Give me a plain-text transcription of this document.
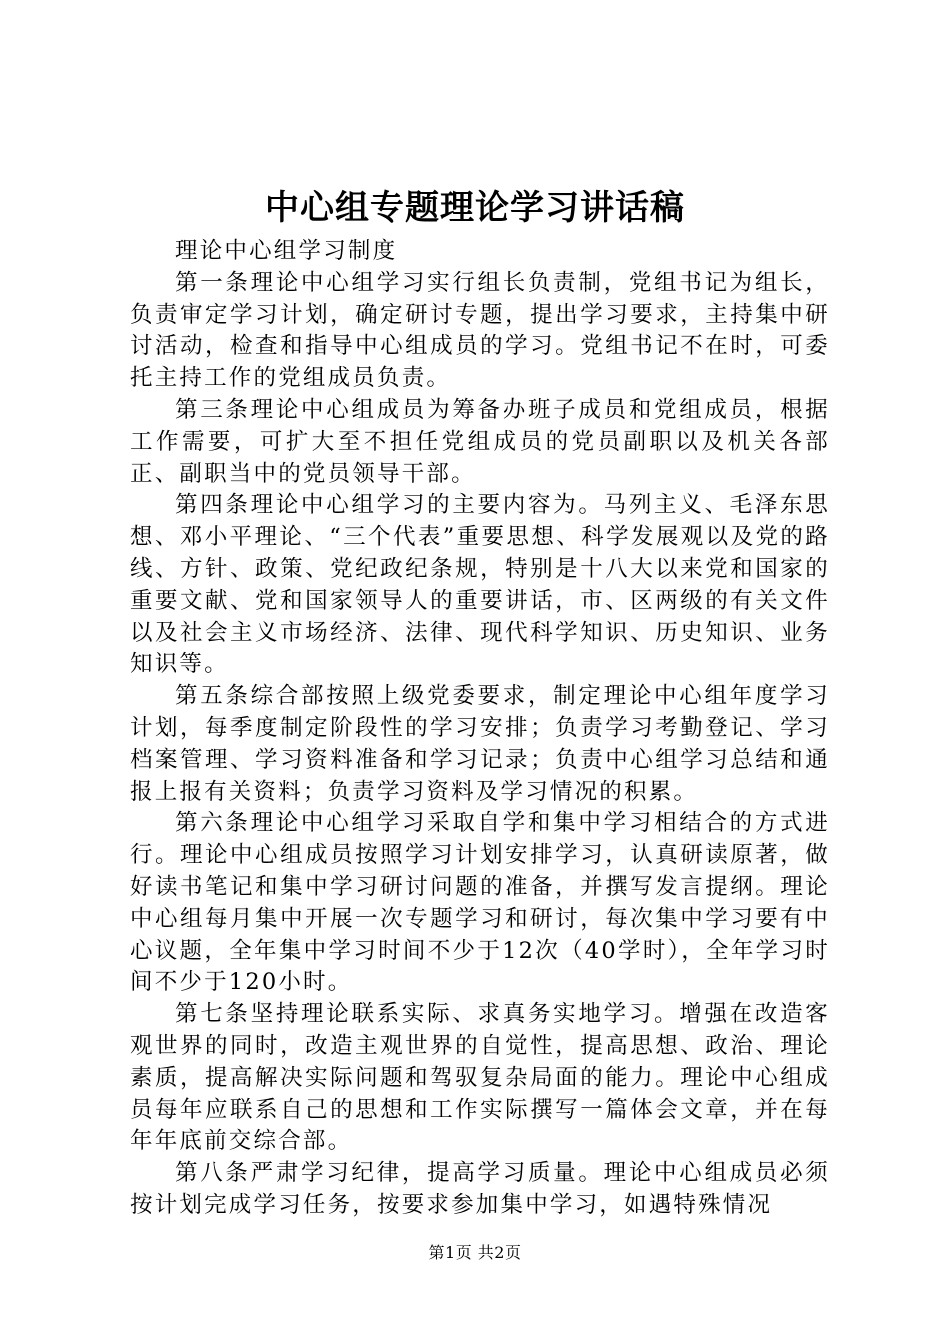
中心组专题理论学习讲话稿

理论中心组学习制度

第一条理论中心组学习实行组长负责制，党组书记为组长，负责审定学习计划，确定研讨专题，提出学习要求，主持集中研讨活动，检查和指导中心组成员的学习。党组书记不在时，可委托主持工作的党组成员负责。

第三条理论中心组成员为筹备办班子成员和党组成员，根据工作需要，可扩大至不担任党组成员的党员副职以及机关各部正、副职当中的党员领导干部。

第四条理论中心组学习的主要内容为。马列主义、毛泽东思想、邓小平理论、“三个代表”重要思想、科学发展观以及党的路线、方针、政策、党纪政纪条规，特别是十八大以来党和国家的重要文献、党和国家领导人的重要讲话，市、区两级的有关文件以及社会主义市场经济、法律、现代科学知识、历史知识、业务知识等。

第五条综合部按照上级党委要求，制定理论中心组年度学习计划，每季度制定阶段性的学习安排；负责学习考勤登记、学习档案管理、学习资料准备和学习记录；负责中心组学习总结和通报上报有关资料；负责学习资料及学习情况的积累。

第六条理论中心组学习采取自学和集中学习相结合的方式进行。理论中心组成员按照学习计划安排学习，认真研读原著，做好读书笔记和集中学习研讨问题的准备，并撰写发言提纲。理论中心组每月集中开展一次专题学习和研讨，每次集中学习要有中心议题，全年集中学习时间不少于12次（40学时），全年学习时间不少于120小时。

第七条坚持理论联系实际、求真务实地学习。增强在改造客观世界的同时，改造主观世界的自觉性，提高思想、政治、理论素质，提高解决实际问题和驾驭复杂局面的能力。理论中心组成员每年应联系自己的思想和工作实际撰写一篇体会文章，并在每年年底前交综合部。

第八条严肃学习纪律，提高学习质量。理论中心组成员必须按计划完成学习任务，按要求参加集中学习，如遇特殊情况

第1页 共2页
